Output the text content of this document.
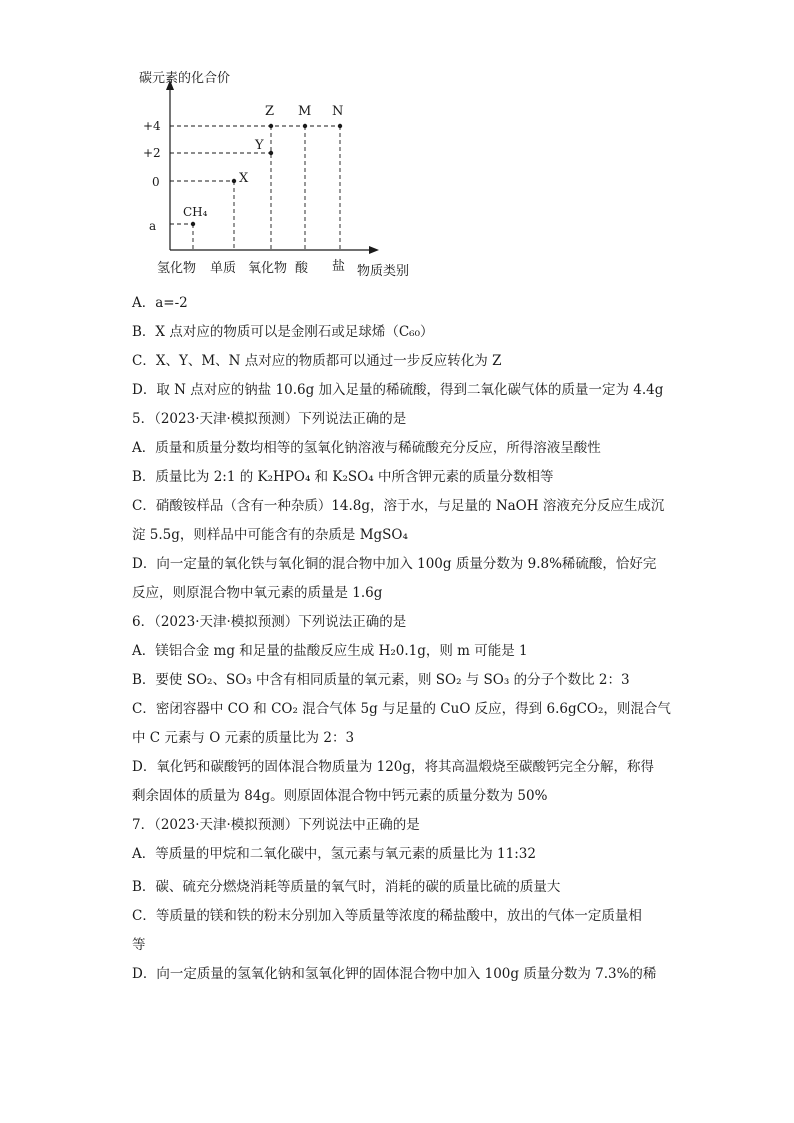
碳元素的化合价
物质类别
+4
+2
0
a
氢化物 单质 氧化物 酸 盐
CH₄
X
Y
Z M N
A．a=-2
B．X 点对应的物质可以是金刚石或足球烯（C₆₀）
C．X、Y、M、N 点对应的物质都可以通过一步反应转化为 Z
D．取 N 点对应的钠盐 10.6g 加入足量的稀硫酸，得到二氧化碳气体的质量一定为 4.4g
5．（2023·天津·模拟预测）下列说法正确的是
A．质量和质量分数均相等的氢氧化钠溶液与稀硫酸充分反应，所得溶液呈酸性
B．质量比为 2:1 的 K₂HPO₄ 和 K₂SO₄ 中所含钾元素的质量分数相等
C．硝酸铵样品（含有一种杂质）14.8g，溶于水，与足量的 NaOH 溶液充分反应生成沉
淀 5.5g，则样品中可能含有的杂质是 MgSO₄
D．向一定量的氧化铁与氧化铜的混合物中加入 100g 质量分数为 9.8%稀硫酸，恰好完
反应，则原混合物中氧元素的质量是 1.6g
6．（2023·天津·模拟预测）下列说法正确的是
A．镁铝合金 mg 和足量的盐酸反应生成 H₂0.1g，则 m 可能是 1
B．要使 SO₂、SO₃ 中含有相同质量的氧元素，则 SO₂ 与 SO₃ 的分子个数比 2：3
C．密闭容器中 CO 和 CO₂ 混合气体 5g 与足量的 CuO 反应，得到 6.6gCO₂，则混合气
中 C 元素与 O 元素的质量比为 2：3
D．氧化钙和碳酸钙的固体混合物质量为 120g，将其高温煅烧至碳酸钙完全分解，称得
剩余固体的质量为 84g。则原固体混合物中钙元素的质量分数为 50%
7．（2023·天津·模拟预测）下列说法中正确的是
A．等质量的甲烷和二氧化碳中，氢元素与氧元素的质量比为 11:32
B．碳、硫充分燃烧消耗等质量的氧气时，消耗的碳的质量比硫的质量大
C．等质量的镁和铁的粉末分别加入等质量等浓度的稀盐酸中，放出的气体一定质量相
等
D．向一定质量的氢氧化钠和氢氧化钾的固体混合物中加入 100g 质量分数为 7.3%的稀
